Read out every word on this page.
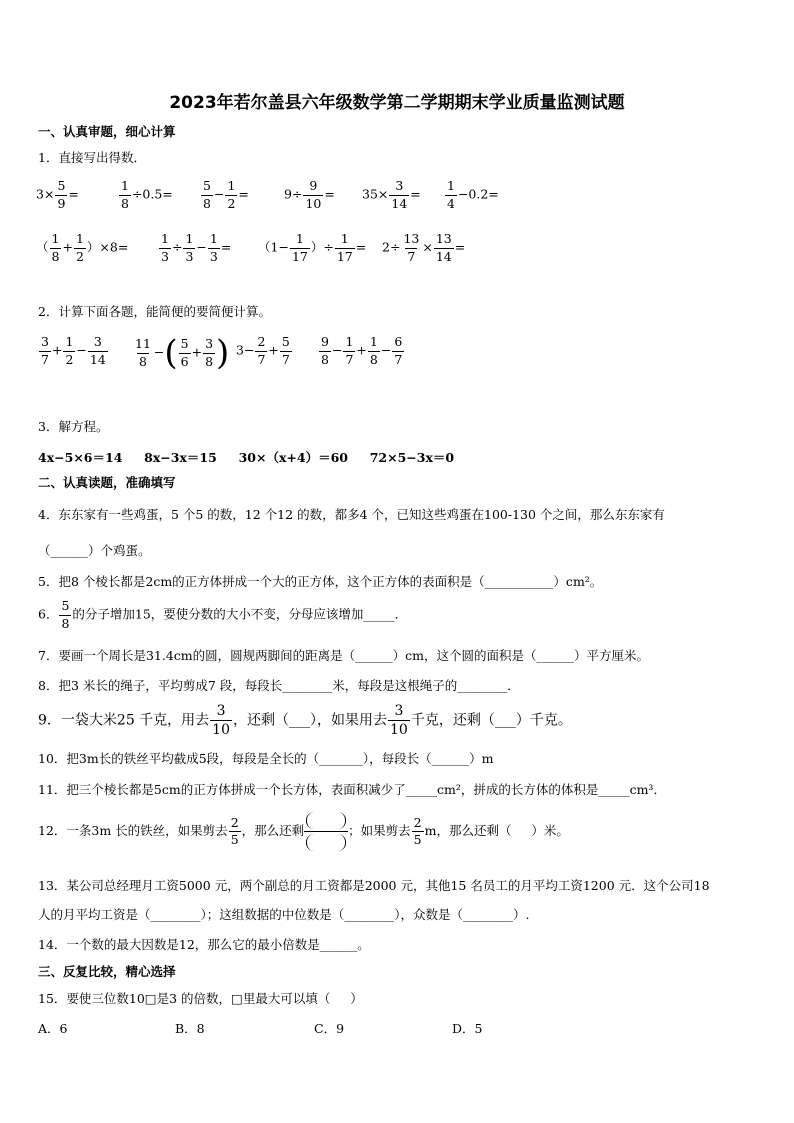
2023年若尔盖县六年级数学第二学期期末学业质量监测试题
一、认真审题，细心计算
1．直接写出得数．
$3\times \frac{5}{9}$ =	$\frac{1}{8} \div 0.5= \frac{5}{8} - \frac{1}{2}$ =	$9\div \frac{9}{10} = 35\times \frac{3}{14} = \frac{1}{4} -0.2=$
（ $\frac{1}{8} + \frac{1}{2} )\times 8= \frac{1}{3} \div \frac{1}{3} - \frac{1}{3} = (1- \frac{1}{17}$ ）÷ $\frac{1}{17} = 2\div \frac{13}{7} \times \frac{13}{14}$ =
2．计算下面各题，能简便的要简便计算。
$\frac{3}{7} + \frac{1}{2} - \frac{3}{14} \frac{11}{8}$ −( $\frac{5}{6} + \frac{3}{8}$ ) $3- \frac{2}{7} + \frac{5}{7} \frac{9}{8} - \frac{1}{7} + \frac{1}{8} - \frac{6}{7}$
3．解方程。
4x−5×6＝14     8x−3x＝15     30×（x+4）＝60     72×5−3x＝0
二、认真读题，准确填写
4．东东家有一些鸡蛋，5 个5 的数，12 个12 的数，都多4 个，已知这些鸡蛋在100-130 个之间，那么东东家有
（______）个鸡蛋。
5．把8 个棱长都是2cm的正方体拼成一个大的正方体，这个正方体的表面积是（___________）cm²。
6． $\frac{5}{8}$ 的分子增加15，要使分数的大小不变，分母应该增加_____．
7．要画一个周长是31.4cm的圆，圆规两脚间的距离是（______）cm，这个圆的面积是（______）平方厘米。
8．把3 米长的绳子，平均剪成7 段，每段长________米，每段是这根绳子的________．
9．一袋大米25 千克，用去 $\frac{3}{10}$ ，还剩（___），如果用去 $\frac{3}{10}$ 千克，还剩（___）千克。
10．把3m长的铁丝平均截成5段，每段是全长的（_______），每段长（______）m
11．把三个棱长都是5cm的正方体拼成一个长方体，表面积减少了_____cm²，拼成的长方体的体积是_____cm³．
12．一条3m 长的铁丝，如果剪去 $\frac{2}{5}$ ，那么还剩	；如果剪去 $\frac{2}{5}$ m，那么还剩（     ）米。
13．某公司总经理月工资5000 元，两个副总的月工资都是2000 元，其他15 名员工的月平均工资1200 元．这个公司18
人的月平均工资是（________）；这组数据的中位数是（________），众数是（________）.
14．一个数的最大因数是12，那么它的最小倍数是______。
三、反复比较，精心选择
15．要使三位数10□是3 的倍数，□里最大可以填（     ）
A．6	B．8	C．9	D．5
